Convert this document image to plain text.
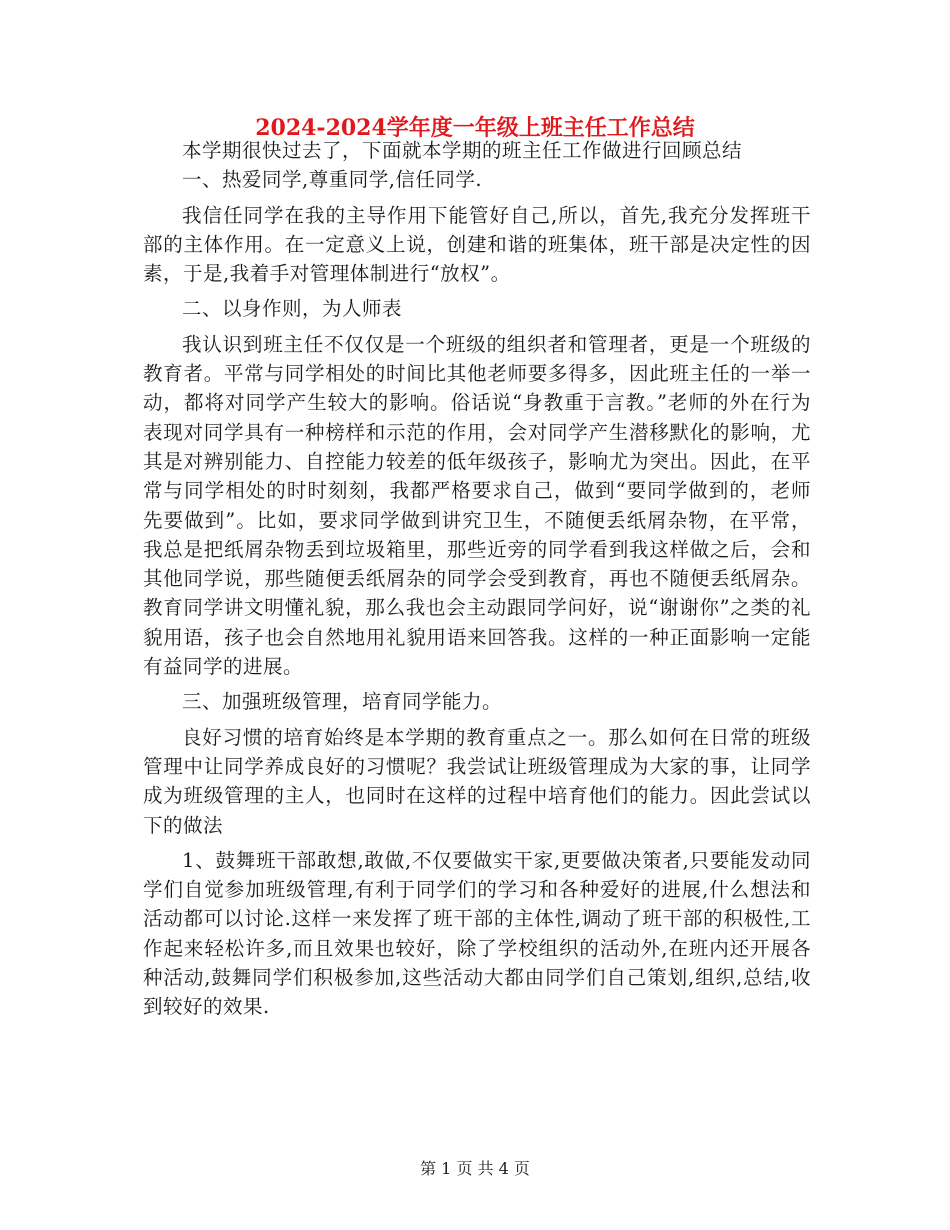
2024-2024学年度一年级上班主任工作总结

本学期很快过去了，下面就本学期的班主任工作做进行回顾总结

一、热爱同学,尊重同学,信任同学.

我信任同学在我的主导作用下能管好自己,所以，首先,我充分发挥班干部的主体作用。在一定意义上说，创建和谐的班集体，班干部是决定性的因素，于是,我着手对管理体制进行“放权”。

二、以身作则，为人师表

我认识到班主任不仅仅是一个班级的组织者和管理者，更是一个班级的教育者。平常与同学相处的时间比其他老师要多得多，因此班主任的一举一动，都将对同学产生较大的影响。俗话说“身教重于言教。”老师的外在行为表现对同学具有一种榜样和示范的作用，会对同学产生潜移默化的影响，尤其是对辨别能力、自控能力较差的低年级孩子，影响尤为突出。因此，在平常与同学相处的时时刻刻，我都严格要求自己，做到“要同学做到的，老师先要做到”。比如，要求同学做到讲究卫生，不随便丢纸屑杂物，在平常，我总是把纸屑杂物丢到垃圾箱里，那些近旁的同学看到我这样做之后，会和其他同学说，那些随便丢纸屑杂的同学会受到教育，再也不随便丢纸屑杂。教育同学讲文明懂礼貌，那么我也会主动跟同学问好，说“谢谢你”之类的礼貌用语，孩子也会自然地用礼貌用语来回答我。这样的一种正面影响一定能有益同学的进展。

三、加强班级管理，培育同学能力。

良好习惯的培育始终是本学期的教育重点之一。那么如何在日常的班级管理中让同学养成良好的习惯呢？我尝试让班级管理成为大家的事，让同学成为班级管理的主人，也同时在这样的过程中培育他们的能力。因此尝试以下的做法

1、鼓舞班干部敢想,敢做,不仅要做实干家,更要做决策者,只要能发动同学们自觉参加班级管理,有利于同学们的学习和各种爱好的进展,什么想法和活动都可以讨论.这样一来发挥了班干部的主体性,调动了班干部的积极性,工作起来轻松许多,而且效果也较好，除了学校组织的活动外,在班内还开展各种活动,鼓舞同学们积极参加,这些活动大都由同学们自己策划,组织,总结,收到较好的效果.

第 1 页 共 4 页
